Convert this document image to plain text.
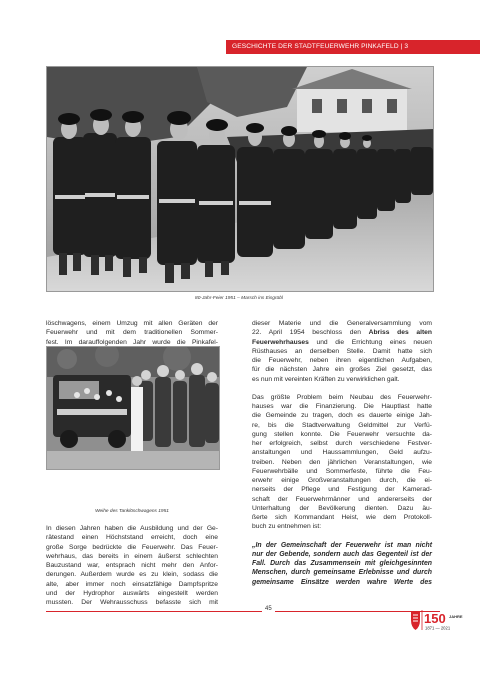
GESCHICHTE DER STADTFEUERWEHR PINKAFELD | 3
80-Jahr-Feier 1951 – Marsch ins Eisgrübl
löschwagens, einem Umzug mit allen Geräten der
Feuerwehr und mit dem traditionellen Sommer-
fest. Im darauffolgenden Jahr wurde die Pinkafel-
Weihe des Tanklöschwagens 1951
In diesen Jahren haben die Ausbildung und der Ge-
rätestand einen Höchststand erreicht, doch eine
große Sorge bedrückte die Feuerwehr. Das Feuer-
wehrhaus, das bereits in einem äußerst schlechten
Bauzustand war, entsprach nicht mehr den Anfor-
derungen. Außerdem wurde es zu klein, sodass die
alte, aber immer noch einsatzfähige Dampfspritze
und der Hydrophor auswärts eingestellt werden
mussten. Der Wehrausschuss befasste sich mit
dieser Materie und die Generalversammlung vom
22. April 1954 beschloss den Abriss des alten
Feuerwehrhauses und die Errichtung eines neuen
Rüsthauses an derselben Stelle. Damit hatte sich
die Feuerwehr, neben ihren eigentlichen Aufgaben,
für die nächsten Jahre ein großes Ziel gesetzt, das
es nun mit vereinten Kräften zu verwirklichen galt.
Das größte Problem beim Neubau des Feuerwehr-
hauses war die Finanzierung. Die Hauptlast hatte
die Gemeinde zu tragen, doch es dauerte einige Jah-
re, bis die Stadtverwaltung Geldmittel zur Verfü-
gung stellen konnte. Die Feuerwehr versuchte da-
her erfolgreich, selbst durch verschiedene Festver-
anstaltungen und Haussammlungen, Geld aufzu-
treiben. Neben den jährlichen Veranstaltungen, wie
Feuerwehrbälle und Sommerfeste, führte die Feu-
erwehr einige Großveranstaltungen durch, die ei-
nerseits der Pflege und Festigung der Kamerad-
schaft der Feuerwehrmänner und andererseits der
Unterhaltung der Bevölkerung dienten. Dazu äu-
ßerte sich Kommandant Heist, wie dem Protokoll-
buch zu entnehmen ist:
„In der Gemeinschaft der Feuerwehr ist man nicht
nur der Gebende, sondern auch das Gegenteil ist der
Fall. Durch das Zusammensein mit gleichgesinnten
Menschen, durch gemeinsame Erlebnisse und durch
gemeinsame Einsätze werden wahre Werte des
45
150 JAHRE
1871 — 2021
